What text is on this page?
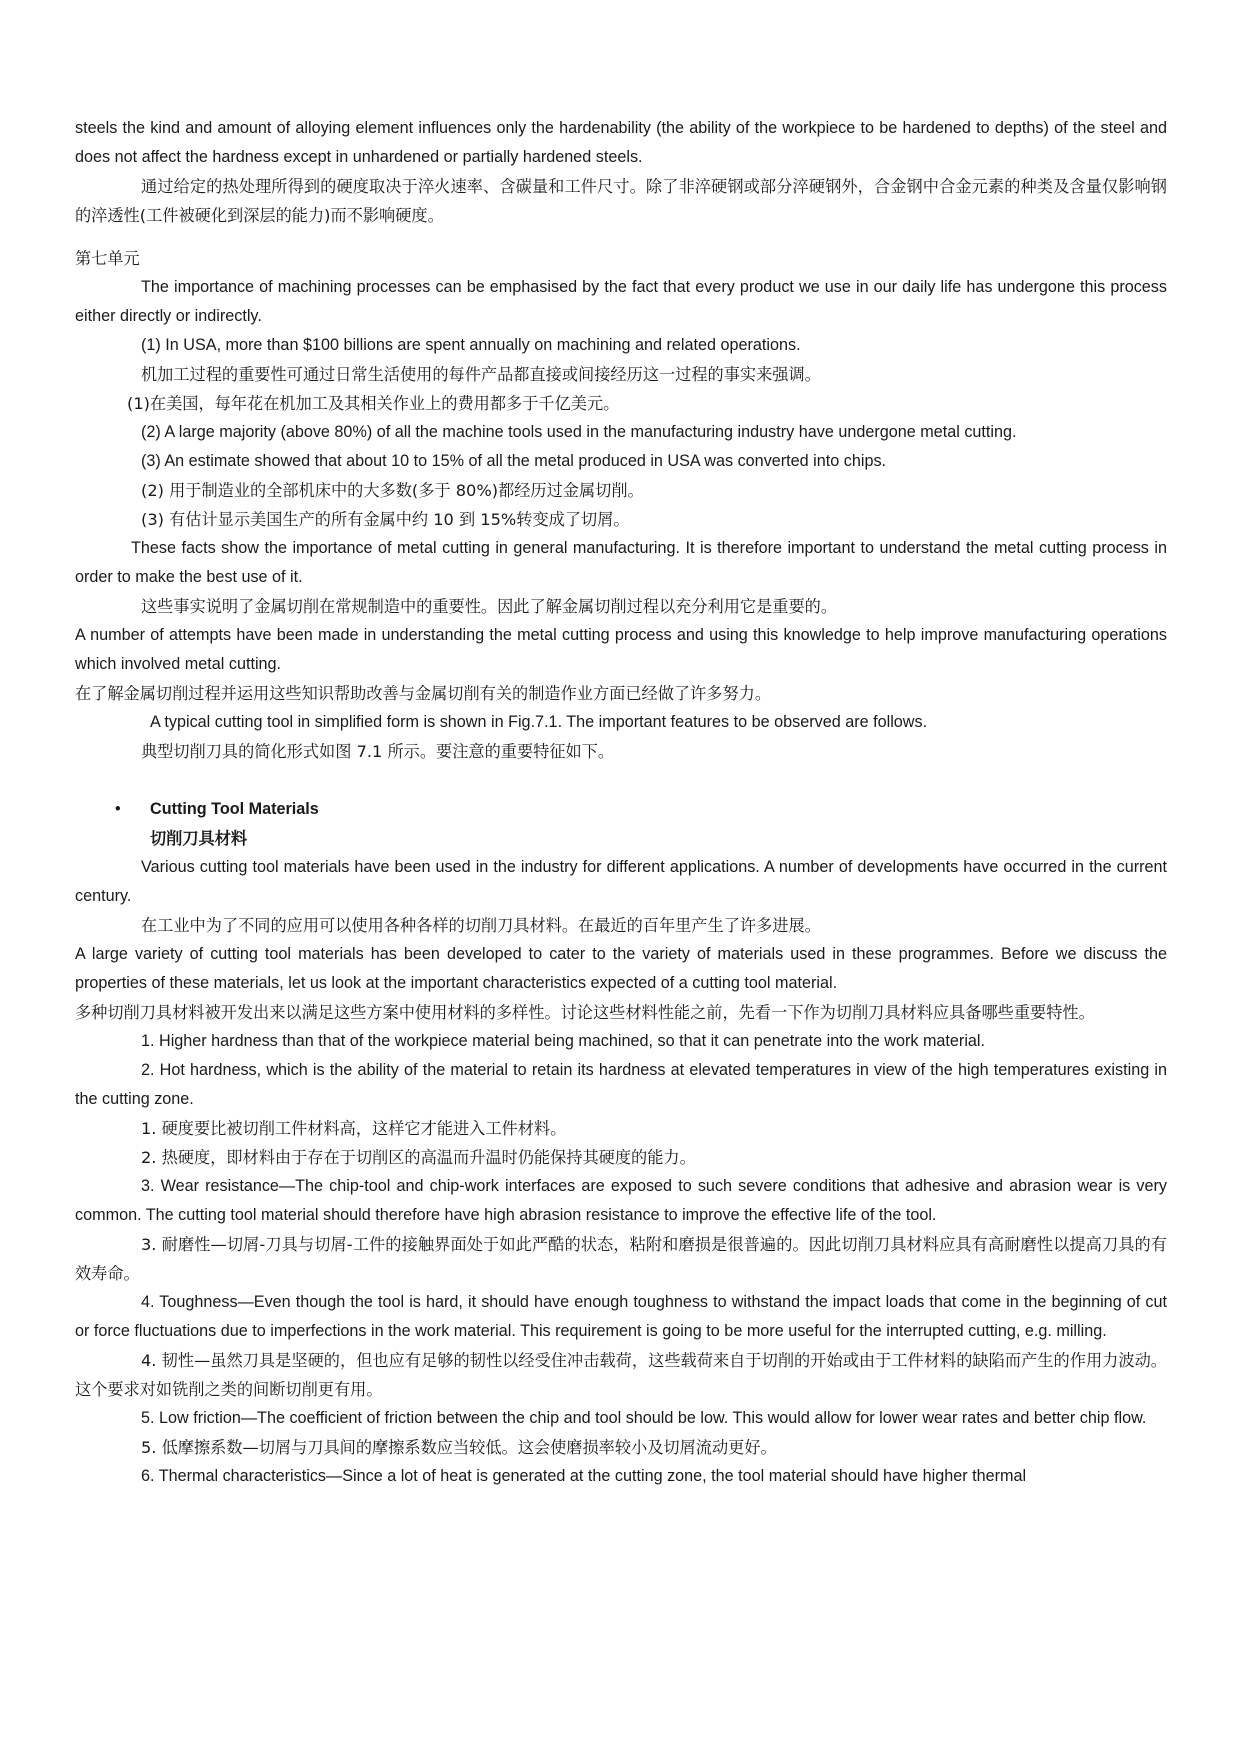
steels the kind and amount of alloying element influences only the hardenability (the ability of the workpiece to be hardened to depths) of the steel and does not affect the hardness except in unhardened or partially hardened steels.

通过给定的热处理所得到的硬度取决于淬火速率、含碳量和工件尺寸。除了非淬硬钢或部分淬硬钢外，合金钢中合金元素的种类及含量仅影响钢的淬透性(工件被硬化到深层的能力)而不影响硬度。

第七单元

The importance of machining processes can be emphasised by the fact that every product we use in our daily life has undergone this process either directly or indirectly.

(1) In USA, more than $100 billions are spent annually on machining and related operations.

机加工过程的重要性可通过日常生活使用的每件产品都直接或间接经历这一过程的事实来强调。

(1)在美国，每年花在机加工及其相关作业上的费用都多于千亿美元。

(2) A large majority (above 80%) of all the machine tools used in the manufacturing industry have undergone metal cutting.

(3) An estimate showed that about 10 to 15% of all the metal produced in USA was converted into chips.

(2) 用于制造业的全部机床中的大多数(多于 80%)都经历过金属切削。

(3) 有估计显示美国生产的所有金属中约 10 到 15%转变成了切屑。

These facts show the importance of metal cutting in general manufacturing. It is therefore important to understand the metal cutting process in order to make the best use of it.

这些事实说明了金属切削在常规制造中的重要性。因此了解金属切削过程以充分利用它是重要的。

A number of attempts have been made in understanding the metal cutting process and using this knowledge to help improve manufacturing operations which involved metal cutting.

在了解金属切削过程并运用这些知识帮助改善与金属切削有关的制造作业方面已经做了许多努力。

A typical cutting tool in simplified form is shown in Fig.7.1. The important features to be observed are follows.

典型切削刀具的简化形式如图 7.1 所示。要注意的重要特征如下。

• Cutting Tool Materials
切削刀具材料

Various cutting tool materials have been used in the industry for different applications. A number of developments have occurred in the current century.

在工业中为了不同的应用可以使用各种各样的切削刀具材料。在最近的百年里产生了许多进展。

A large variety of cutting tool materials has been developed to cater to the variety of materials used in these programmes. Before we discuss the properties of these materials, let us look at the important characteristics expected of a cutting tool material.

多种切削刀具材料被开发出来以满足这些方案中使用材料的多样性。讨论这些材料性能之前，先看一下作为切削刀具材料应具备哪些重要特性。

1. Higher hardness than that of the workpiece material being machined, so that it can penetrate into the work material.

2. Hot hardness, which is the ability of the material to retain its hardness at elevated temperatures in view of the high temperatures existing in the cutting zone.

1. 硬度要比被切削工件材料高，这样它才能进入工件材料。

2. 热硬度，即材料由于存在于切削区的高温而升温时仍能保持其硬度的能力。

3. Wear resistance—The chip-tool and chip-work interfaces are exposed to such severe conditions that adhesive and abrasion wear is very common. The cutting tool material should therefore have high abrasion resistance to improve the effective life of the tool.

3. 耐磨性—切屑-刀具与切屑-工件的接触界面处于如此严酷的状态，粘附和磨损是很普遍的。因此切削刀具材料应具有高耐磨性以提高刀具的有效寿命。

4. Toughness—Even though the tool is hard, it should have enough toughness to withstand the impact loads that come in the beginning of cut or force fluctuations due to imperfections in the work material. This requirement is going to be more useful for the interrupted cutting, e.g. milling.

4. 韧性—虽然刀具是坚硬的，但也应有足够的韧性以经受住冲击载荷，这些载荷来自于切削的开始或由于工件材料的缺陷而产生的作用力波动。这个要求对如铣削之类的间断切削更有用。

5. Low friction—The coefficient of friction between the chip and tool should be low. This would allow for lower wear rates and better chip flow.

5. 低摩擦系数—切屑与刀具间的摩擦系数应当较低。这会使磨损率较小及切屑流动更好。

6. Thermal characteristics—Since a lot of heat is generated at the cutting zone, the tool material should have higher thermal
